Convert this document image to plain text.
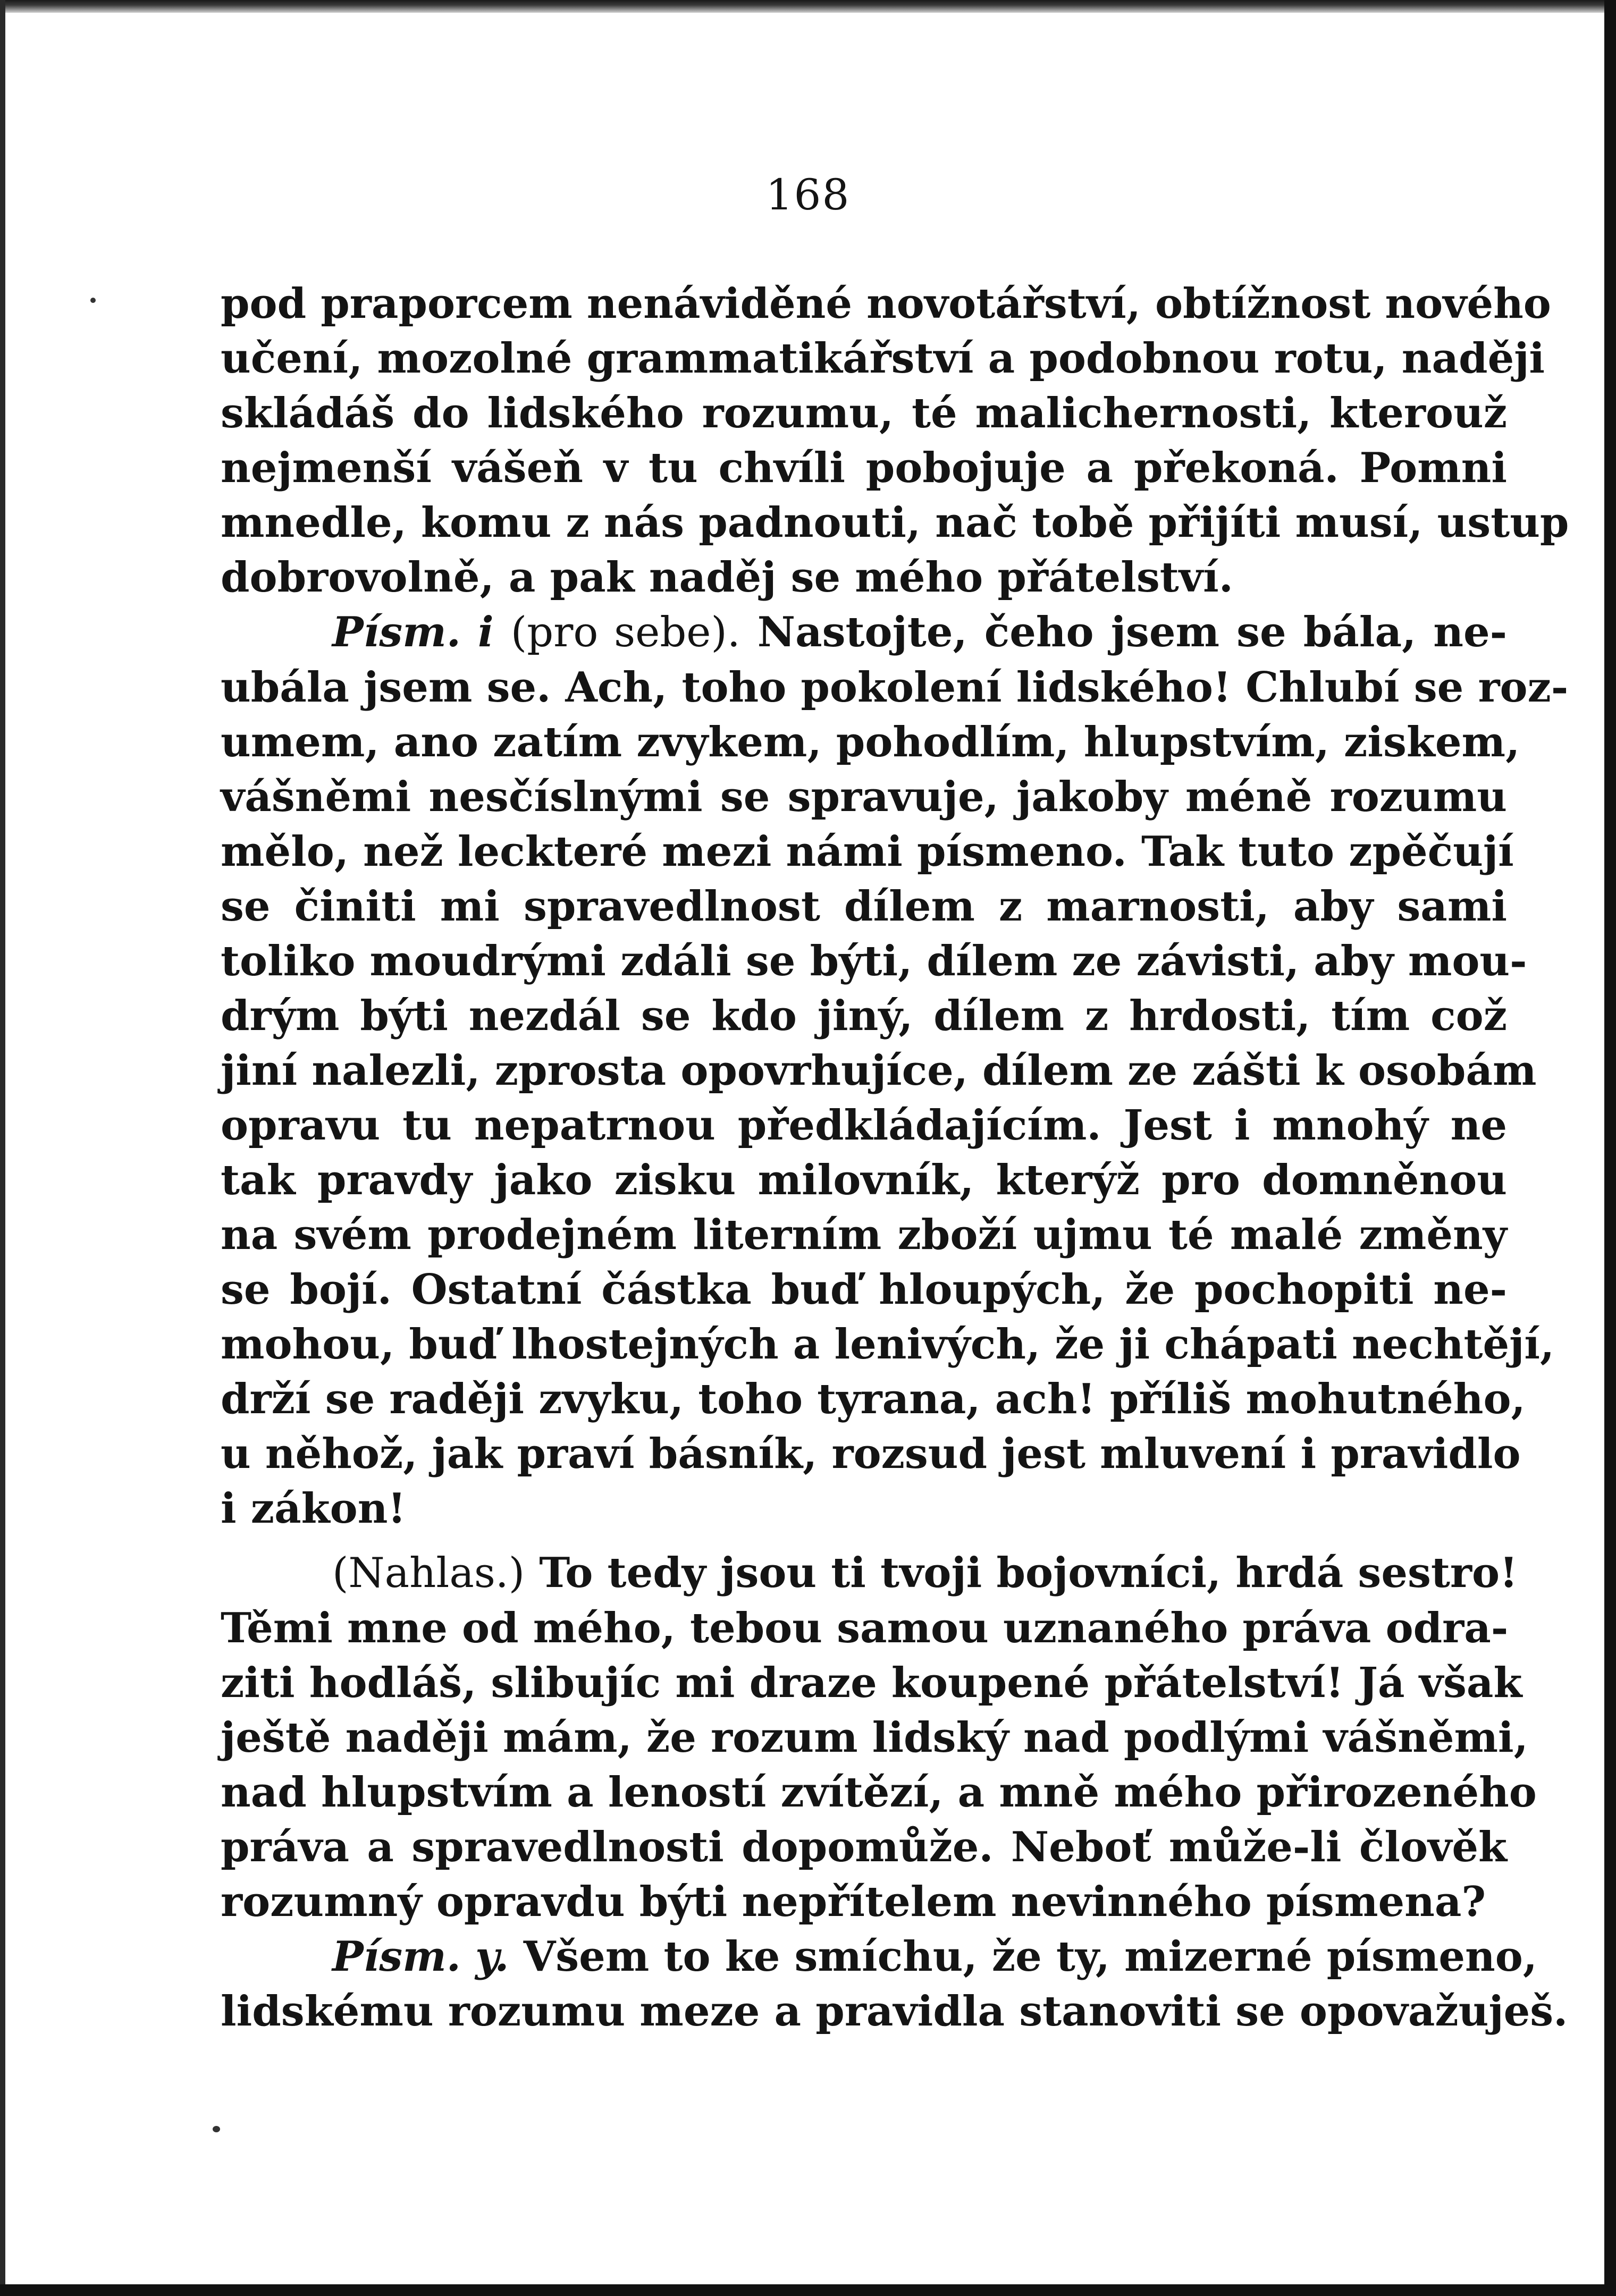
168
pod praporcem nenáviděné novotářství, obtížnost nového
učení, mozolné grammatikářství a podobnou rotu, naději
skládáš do lidského rozumu, té malichernosti, kterouž
nejmenší vášeň v tu chvíli pobojuje a překoná. Pomni
mnedle, komu z nás padnouti, nač tobě přijíti musí, ustup
dobrovolně, a pak naděj se mého přátelství.
Písm. i (pro sebe). Nastojte, čeho jsem se bála, ne-
ubála jsem se. Ach, toho pokolení lidského! Chlubí se roz-
umem, ano zatím zvykem, pohodlím, hlupstvím, ziskem,
vášněmi nesčíslnými se spravuje, jakoby méně rozumu
mělo, než leckteré mezi námi písmeno. Tak tuto zpěčují
se činiti mi spravedlnost dílem z marnosti, aby sami
toliko moudrými zdáli se býti, dílem ze závisti, aby mou-
drým býti nezdál se kdo jiný, dílem z hrdosti, tím což
jiní nalezli, zprosta opovrhujíce, dílem ze zášti k osobám
opravu tu nepatrnou předkládajícím. Jest i mnohý ne
tak pravdy jako zisku milovník, kterýž pro domněnou
na svém prodejném literním zboží ujmu té malé změny
se bojí. Ostatní částka buď hloupých, že pochopiti ne-
mohou, buď lhostejných a lenivých, že ji chápati nechtějí,
drží se raději zvyku, toho tyrana, ach! příliš mohutného,
u něhož, jak praví básník, rozsud jest mluvení i pravidlo
i zákon!
(Nahlas.) To tedy jsou ti tvoji bojovníci, hrdá sestro!
Těmi mne od mého, tebou samou uznaného práva odra-
ziti hodláš, slibujíc mi draze koupené přátelství! Já však
ještě naději mám, že rozum lidský nad podlými vášněmi,
nad hlupstvím a leností zvítězí, a mně mého přirozeného
práva a spravedlnosti dopomůže. Neboť může-li člověk
rozumný opravdu býti nepřítelem nevinného písmena?
Písm. y. Všem to ke smíchu, že ty, mizerné písmeno,
lidskému rozumu meze a pravidla stanoviti se opovažuješ.
